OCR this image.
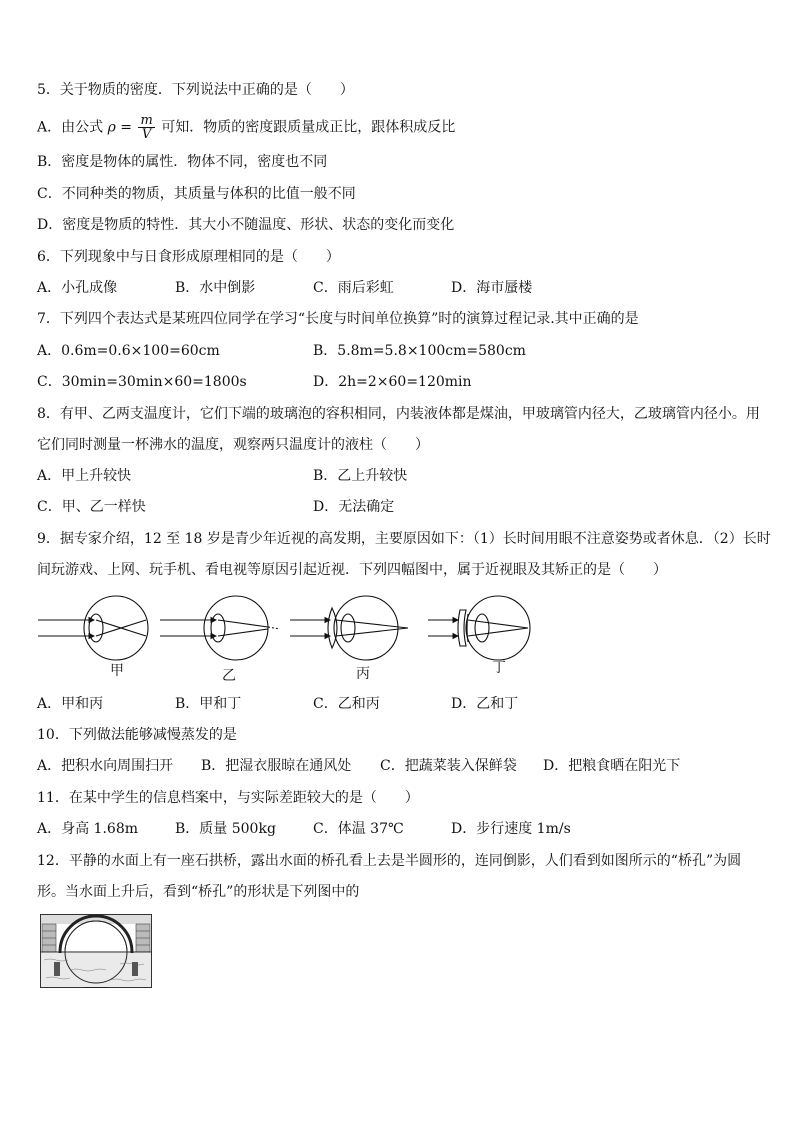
5．关于物质的密度．下列说法中正确的是（　　）
A．由公式 $\rho = \frac{m}{V}$ 可知．物质的密度跟质量成正比，跟体积成反比
B．密度是物体的属性．物体不同，密度也不同
C．不同种类的物质，其质量与体积的比值一般不同
D．密度是物质的特性．其大小不随温度、形状、状态的变化而变化
6．下列现象中与日食形成原理相同的是（　　）
A．小孔成像	B．水中倒影	C．雨后彩虹	D．海市蜃楼
7．下列四个表达式是某班四位同学在学习“长度与时间单位换算”时的演算过程记录.其中正确的是
A．0.6m=0.6×100=60cm	B．5.8m=5.8×100cm=580cm
C．30min=30min×60=1800s	D．2h=2×60=120min
8．有甲、乙两支温度计，它们下端的玻璃泡的容积相同，内装液体都是煤油，甲玻璃管内径大，乙玻璃管内径小。用
它们同时测量一杯沸水的温度，观察两只温度计的液柱（　　）
A．甲上升较快	B．乙上升较快
C．甲、乙一样快	D．无法确定
9．据专家介绍，12 至 18 岁是青少年近视的高发期，主要原因如下：（1）长时间用眼不注意姿势或者休息．（2）长时
间玩游戏、上网、玩手机、看电视等原因引起近视．下列四幅图中，属于近视眼及其矫正的是（　　）
甲	乙	丙	丁
A．甲和丙	B．甲和丁	C．乙和丙	D．乙和丁
10．下列做法能够减慢蒸发的是
A．把积水向周围扫开 B．把湿衣服晾在通风处 C．把蔬菜装入保鲜袋 D．把粮食晒在阳光下
11．在某中学生的信息档案中，与实际差距较大的是（　　）
A．身高 1.68m	B．质量 500kg	C．体温 37℃	D．步行速度 1m/s
12．平静的水面上有一座石拱桥，露出水面的桥孔看上去是半圆形的，连同倒影，人们看到如图所示的“桥孔”为圆
形。当水面上升后，看到“桥孔”的形状是下列图中的
